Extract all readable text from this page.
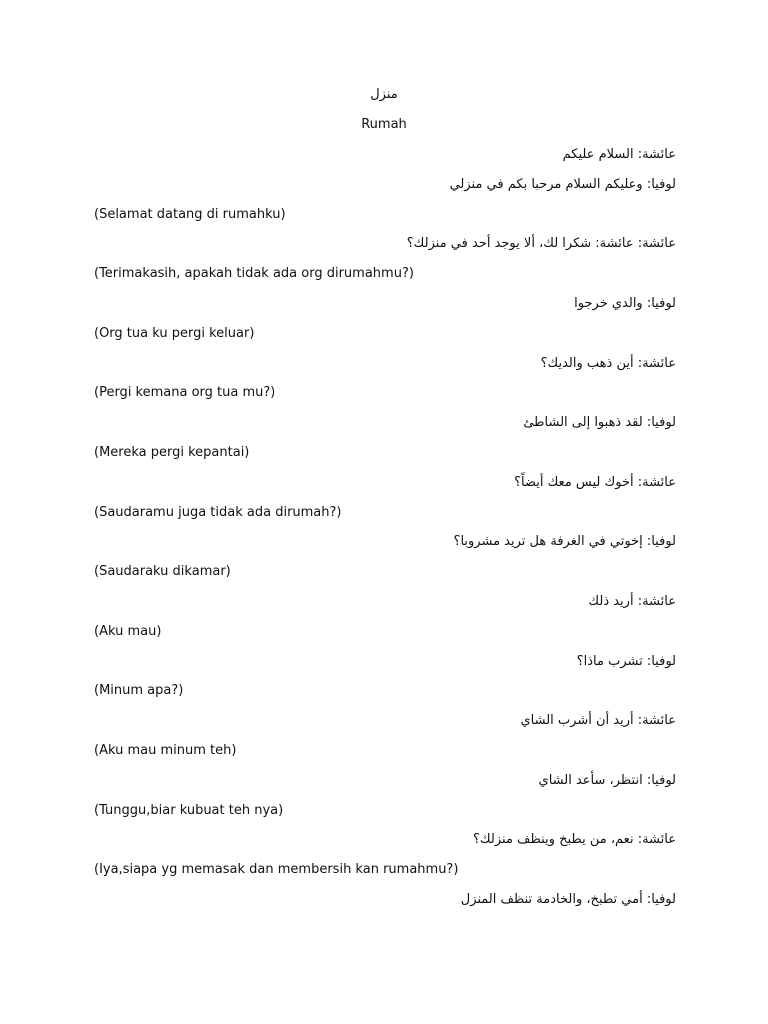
منزل
Rumah
عائشة: السلام عليكم
لوفيا: وعليكم السلام مرحبا بكم في منزلي
(Selamat datang di rumahku)
عائشة: عائشة: شكرا لك، ألا يوجد أحد في منزلك؟
(Terimakasih, apakah tidak ada org dirumahmu?)
لوفيا: والدي خرجوا
(Org tua ku pergi keluar)
عائشة: أين ذهب والديك؟
(Pergi kemana org tua mu?)
لوفيا: لقد ذهبوا إلى الشاطئ
(Mereka pergi kepantai)
عائشة: أخوك ليس معك أيضاً؟
(Saudaramu juga tidak ada dirumah?)
لوفيا: إخوتي في الغرفة هل تريد مشروبا؟
(Saudaraku dikamar)
عائشة: أريد ذلك
(Aku mau)
لوفيا: تشرب ماذا؟
(Minum apa?)
عائشة: أريد أن أشرب الشاي
(Aku mau minum teh)
لوفيا: انتظر، سأعد الشاي
(Tunggu,biar kubuat teh nya)
عائشة: نعم، من يطبخ وينظف منزلك؟
(Iya,siapa yg memasak dan membersih kan rumahmu?)
لوفيا: أمي تطبخ، والخادمة تنظف المنزل
